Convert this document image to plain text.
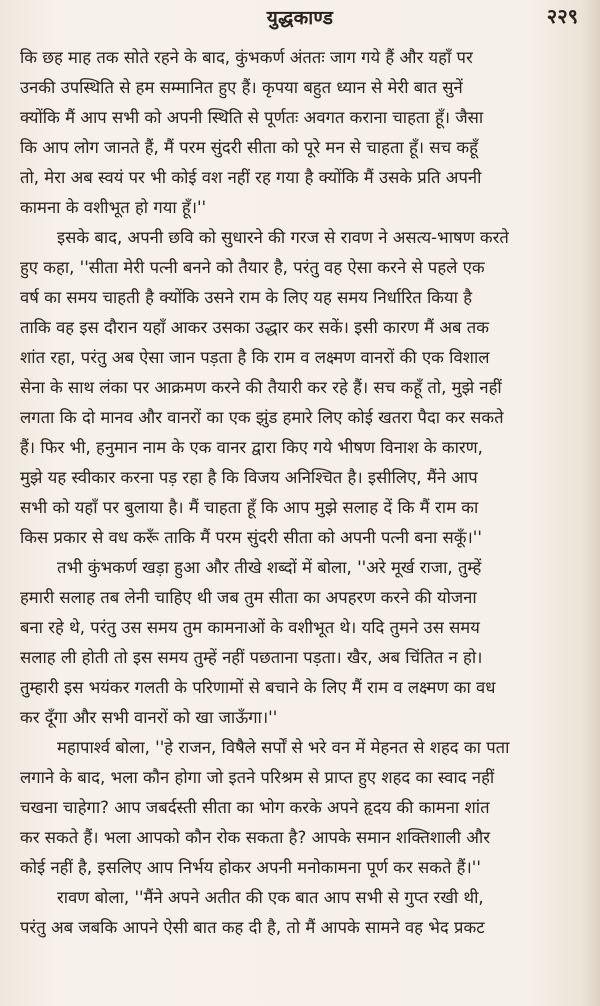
युद्धकाण्ड	२२९
कि छह माह तक सोते रहने के बाद, कुंभकर्ण अंततः जाग गये हैं और यहाँ पर
उनकी उपस्थिति से हम सम्मानित हुए हैं। कृपया बहुत ध्यान से मेरी बात सुनें
क्योंकि मैं आप सभी को अपनी स्थिति से पूर्णतः अवगत कराना चाहता हूँ। जैसा
कि आप लोग जानते हैं, मैं परम सुंदरी सीता को पूरे मन से चाहता हूँ। सच कहूँ
तो, मेरा अब स्वयं पर भी कोई वश नहीं रह गया है क्योंकि मैं उसके प्रति अपनी
कामना के वशीभूत हो गया हूँ।''
इसके बाद, अपनी छवि को सुधारने की गरज से रावण ने असत्य-भाषण करते
हुए कहा, ''सीता मेरी पत्नी बनने को तैयार है, परंतु वह ऐसा करने से पहले एक
वर्ष का समय चाहती है क्योंकि उसने राम के लिए यह समय निर्धारित किया है
ताकि वह इस दौरान यहाँ आकर उसका उद्धार कर सकें। इसी कारण मैं अब तक
शांत रहा, परंतु अब ऐसा जान पड़ता है कि राम व लक्ष्मण वानरों की एक विशाल
सेना के साथ लंका पर आक्रमण करने की तैयारी कर रहे हैं। सच कहूँ तो, मुझे नहीं
लगता कि दो मानव और वानरों का एक झुंड हमारे लिए कोई खतरा पैदा कर सकते
हैं। फिर भी, हनुमान नाम के एक वानर द्वारा किए गये भीषण विनाश के कारण,
मुझे यह स्वीकार करना पड़ रहा है कि विजय अनिश्चित है। इसीलिए, मैंने आप
सभी को यहाँ पर बुलाया है। मैं चाहता हूँ कि आप मुझे सलाह दें कि मैं राम का
किस प्रकार से वध करूँ ताकि मैं परम सुंदरी सीता को अपनी पत्नी बना सकूँ।''
तभी कुंभकर्ण खड़ा हुआ और तीखे शब्दों में बोला, ''अरे मूर्ख राजा, तुम्हें
हमारी सलाह तब लेनी चाहिए थी जब तुम सीता का अपहरण करने की योजना
बना रहे थे, परंतु उस समय तुम कामनाओं के वशीभूत थे। यदि तुमने उस समय
सलाह ली होती तो इस समय तुम्हें नहीं पछताना पड़ता। खैर, अब चिंतित न हो।
तुम्हारी इस भयंकर गलती के परिणामों से बचाने के लिए मैं राम व लक्ष्मण का वध
कर दूँगा और सभी वानरों को खा जाऊँगा।''
महापार्श्व बोला, ''हे राजन, विषैले सर्पों से भरे वन में मेहनत से शहद का पता
लगाने के बाद, भला कौन होगा जो इतने परिश्रम से प्राप्त हुए शहद का स्वाद नहीं
चखना चाहेगा? आप जबर्दस्ती सीता का भोग करके अपने हृदय की कामना शांत
कर सकते हैं। भला आपको कौन रोक सकता है? आपके समान शक्तिशाली और
कोई नहीं है, इसलिए आप निर्भय होकर अपनी मनोकामना पूर्ण कर सकते हैं।''
रावण बोला, ''मैंने अपने अतीत की एक बात आप सभी से गुप्त रखी थी,
परंतु अब जबकि आपने ऐसी बात कह दी है, तो मैं आपके सामने वह भेद प्रकट
